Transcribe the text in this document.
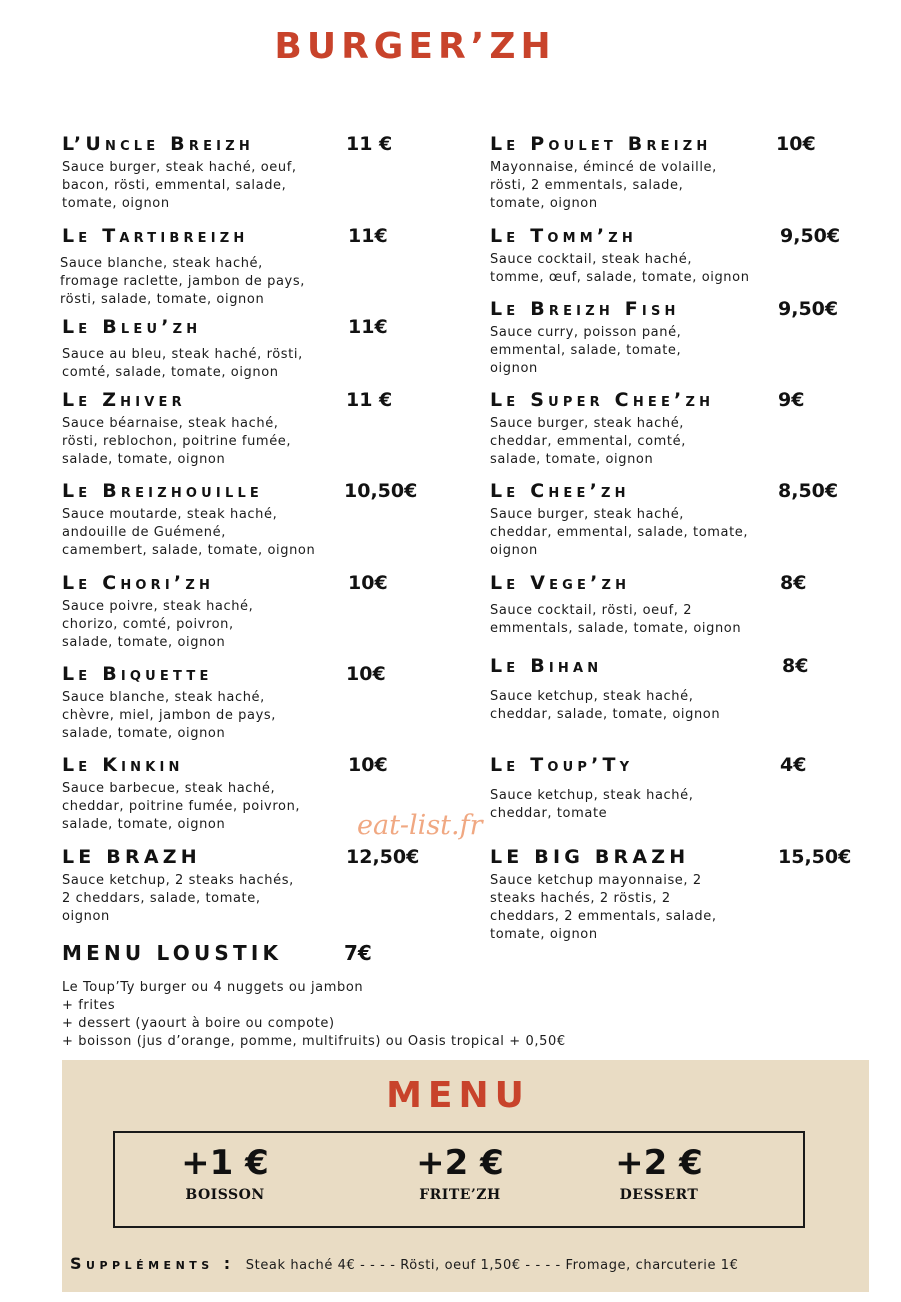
BURGER’ZH
L’Uncle Breizh	11 €
Sauce burger, steak haché, oeuf,
bacon, rösti, emmental, salade,
tomate, oignon
Le Tartibreizh	11€
Sauce blanche, steak haché,
fromage raclette, jambon de pays,
rösti, salade, tomate, oignon
Le Bleu’zh	11€
Sauce au bleu, steak haché, rösti,
comté, salade, tomate, oignon
Le Zhiver	11 €
Sauce béarnaise, steak haché,
rösti, reblochon, poitrine fumée,
salade, tomate, oignon
Le Breizhouille	10,50€
Sauce moutarde, steak haché,
andouille de Guémené,
camembert, salade, tomate, oignon
Le Chori’zh	10€
Sauce poivre, steak haché,
chorizo, comté, poivron,
salade, tomate, oignon
Le Biquette	10€
Sauce blanche, steak haché,
chèvre, miel, jambon de pays,
salade, tomate, oignon
Le Kinkin	10€
Sauce barbecue, steak haché,
cheddar, poitrine fumée, poivron,
salade, tomate, oignon
LE BRAZH	12,50€
Sauce ketchup, 2 steaks hachés,
2 cheddars, salade, tomate,
oignon
Le Poulet Breizh	10€
Mayonnaise, émincé de volaille,
rösti, 2 emmentals, salade,
tomate, oignon
Le Tomm’zh	9,50€
Sauce cocktail, steak haché,
tomme, œuf, salade, tomate, oignon
Le Breizh Fish	9,50€
Sauce curry, poisson pané,
emmental, salade, tomate,
oignon
Le Super Chee’zh	9€
Sauce burger, steak haché,
cheddar, emmental, comté,
salade, tomate, oignon
Le Chee’zh	8,50€
Sauce burger, steak haché,
cheddar, emmental, salade, tomate,
oignon
Le Vege’zh	8€
Sauce cocktail, rösti, oeuf, 2
emmentals, salade, tomate, oignon
Le Bihan	8€
Sauce ketchup, steak haché,
cheddar, salade, tomate, oignon
Le Toup’Ty	4€
Sauce ketchup, steak haché,
cheddar, tomate
LE BIG BRAZH	15,50€
Sauce ketchup mayonnaise, 2
steaks hachés, 2 röstis, 2
cheddars, 2 emmentals, salade,
tomate, oignon
eat-list.fr
MENU LOUSTIK	7€
Le Toup’Ty burger ou 4 nuggets ou jambon
+ frites
+ dessert (yaourt à boire ou compote)
+ boisson (jus d’orange, pomme, multifruits) ou Oasis tropical + 0,50€
MENU
+1 €
BOISSON
+2 €
FRITE’ZH
+2 €
DESSERT
Suppléments : Steak haché 4€ - - - - Rösti, oeuf 1,50€ - - - - Fromage, charcuterie 1€
